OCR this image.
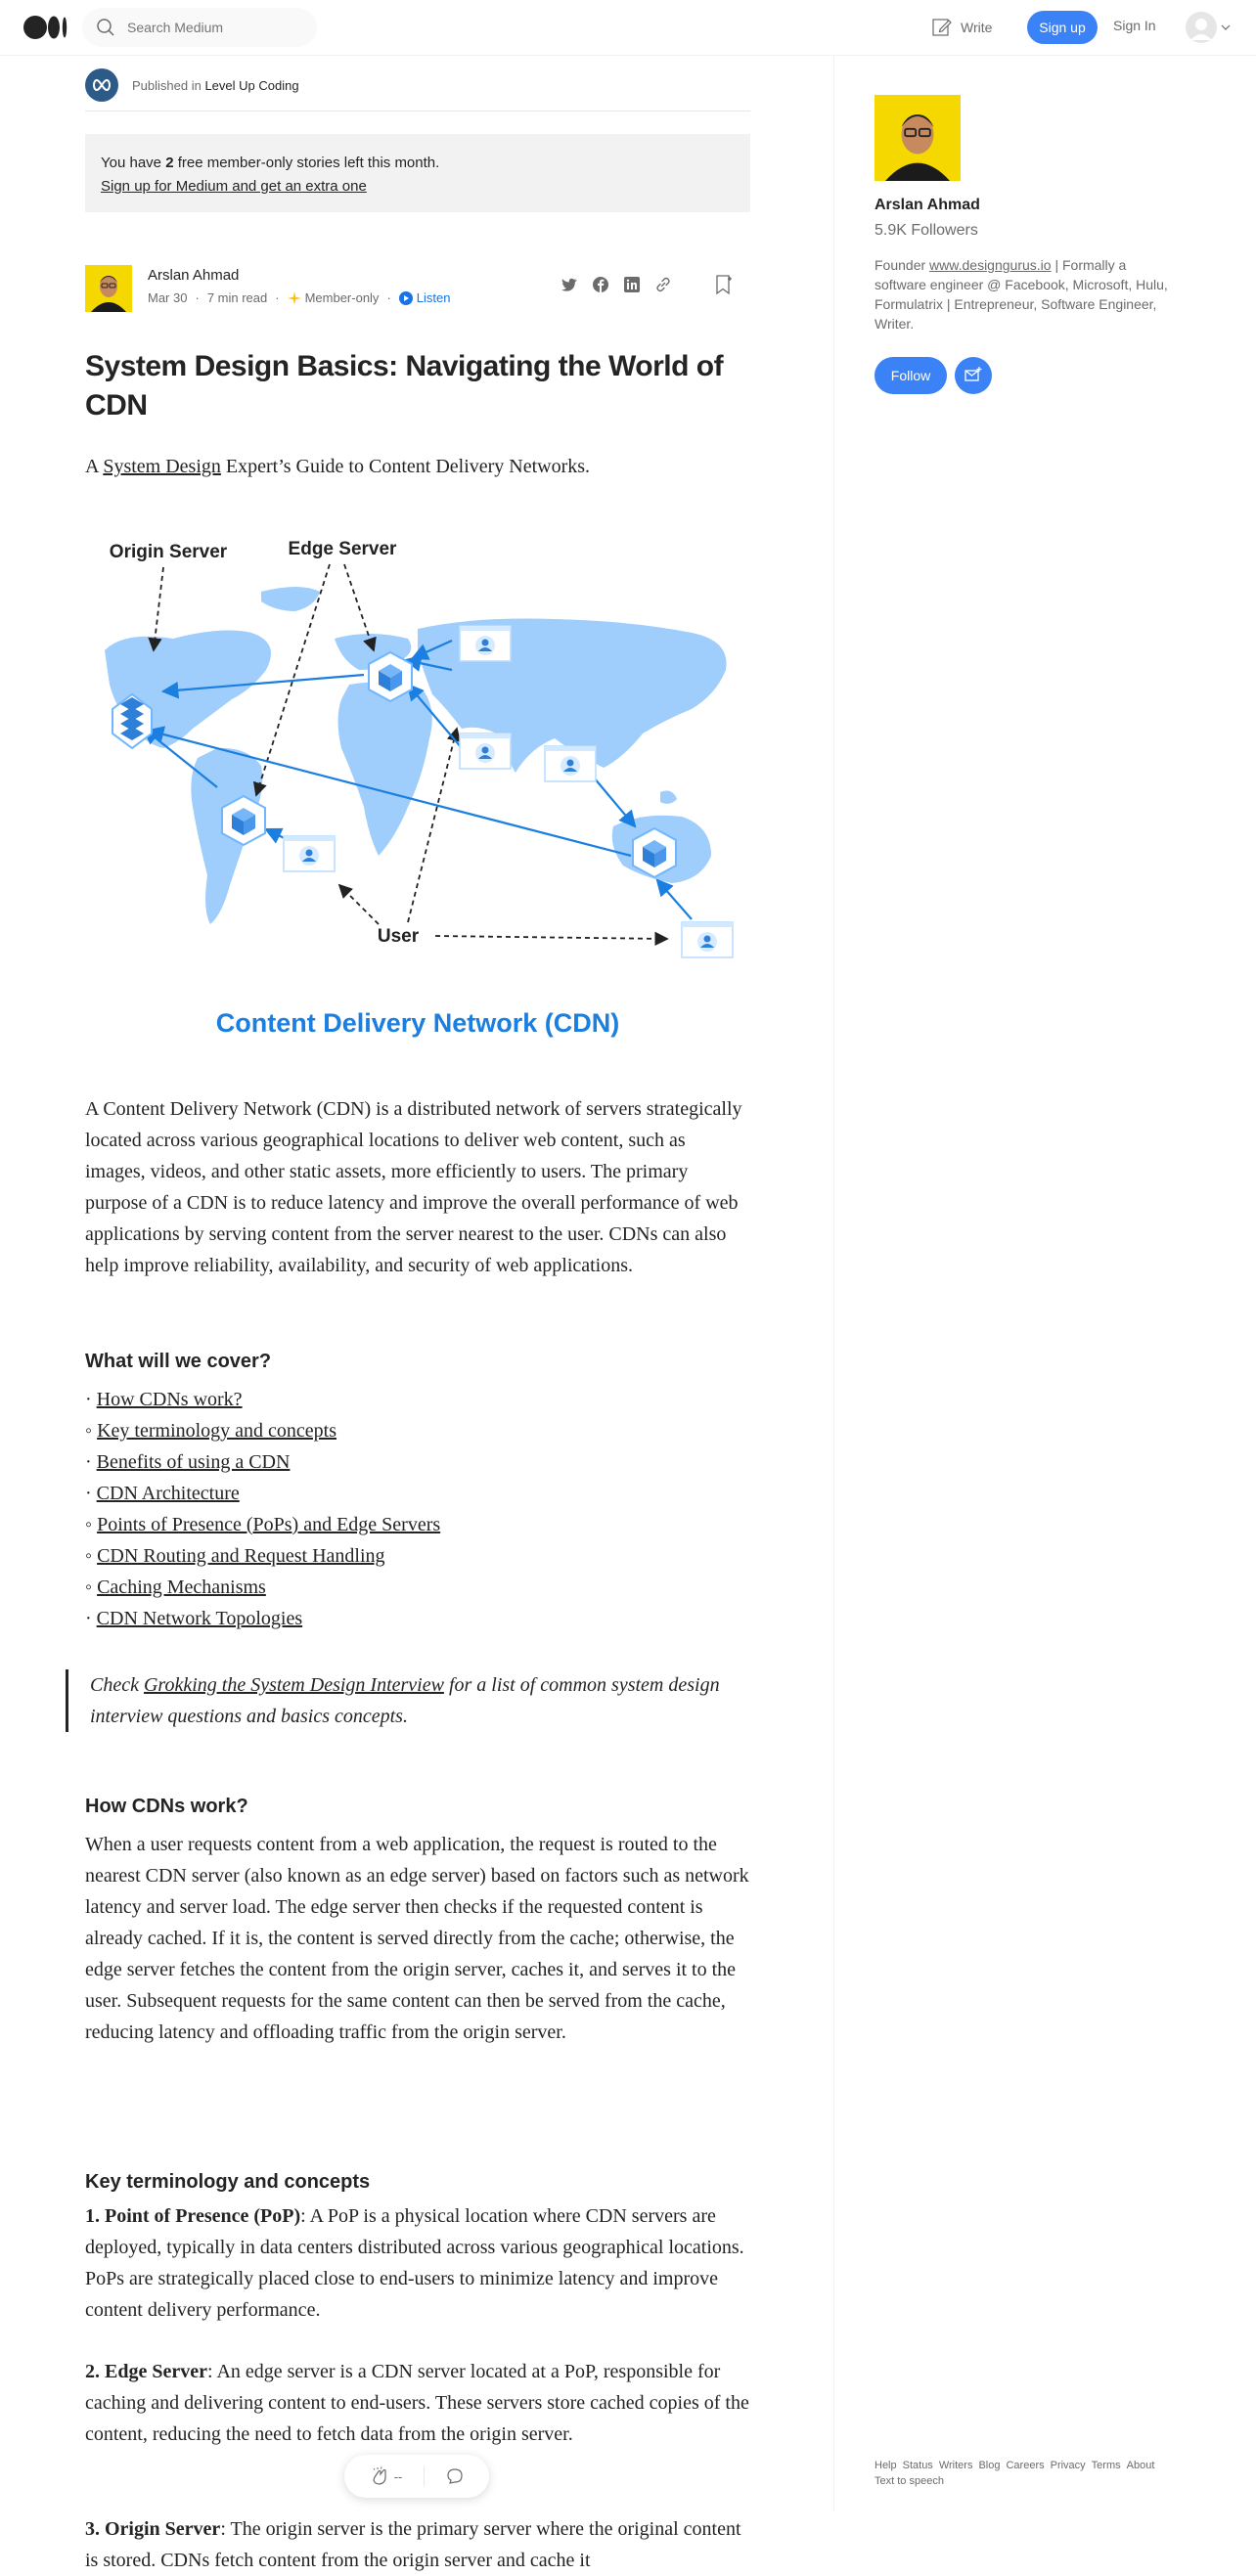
Search Medium
Write	Sign up	Sign In
Published in Level Up Coding
You have 2 free member-only stories left this month.
Sign up for Medium and get an extra one
Arslan Ahmad
Mar 30 · 7 min read · Member-only · Listen
System Design Basics: Navigating the World of CDN

A System Design Expert’s Guide to Content Delivery Networks.

Origin Server	Edge Server
User
Content Delivery Network (CDN)

A Content Delivery Network (CDN) is a distributed network of servers strategically located across various geographical locations to deliver web content, such as images, videos, and other static assets, more efficiently to users. The primary purpose of a CDN is to reduce latency and improve the overall performance of web applications by serving content from the server nearest to the user. CDNs can also help improve reliability, availability, and security of web applications.

What will we cover?
· How CDNs work?
◦ Key terminology and concepts
· Benefits of using a CDN
· CDN Architecture
◦ Points of Presence (PoPs) and Edge Servers
◦ CDN Routing and Request Handling
◦ Caching Mechanisms
· CDN Network Topologies
Check Grokking the System Design Interview for a list of common system design interview questions and basics concepts.
How CDNs work?

When a user requests content from a web application, the request is routed to the nearest CDN server (also known as an edge server) based on factors such as network latency and server load. The edge server then checks if the requested content is already cached. If it is, the content is served directly from the cache; otherwise, the edge server fetches the content from the origin server, caches it, and serves it to the user. Subsequent requests for the same content can then be served from the cache, reducing latency and offloading traffic from the origin server.

Key terminology and concepts

1. Point of Presence (PoP): A PoP is a physical location where CDN servers are deployed, typically in data centers distributed across various geographical locations. PoPs are strategically placed close to end-users to minimize latency and improve content delivery performance.

2. Edge Server: An edge server is a CDN server located at a PoP, responsible for caching and delivering content to end-users. These servers store cached copies of the content, reducing the need to fetch data from the origin server.

3. Origin Server: The origin server is the primary server where the original content is stored. CDNs fetch content from the origin server and cache it

--
Arslan Ahmad
5.9K Followers
Founder www.designgurus.io | Formally a software engineer @ Facebook, Microsoft, Hulu, Formulatrix | Entrepreneur, Software Engineer, Writer.
Follow
Help Status Writers Blog Careers Privacy Terms About
Text to speech
